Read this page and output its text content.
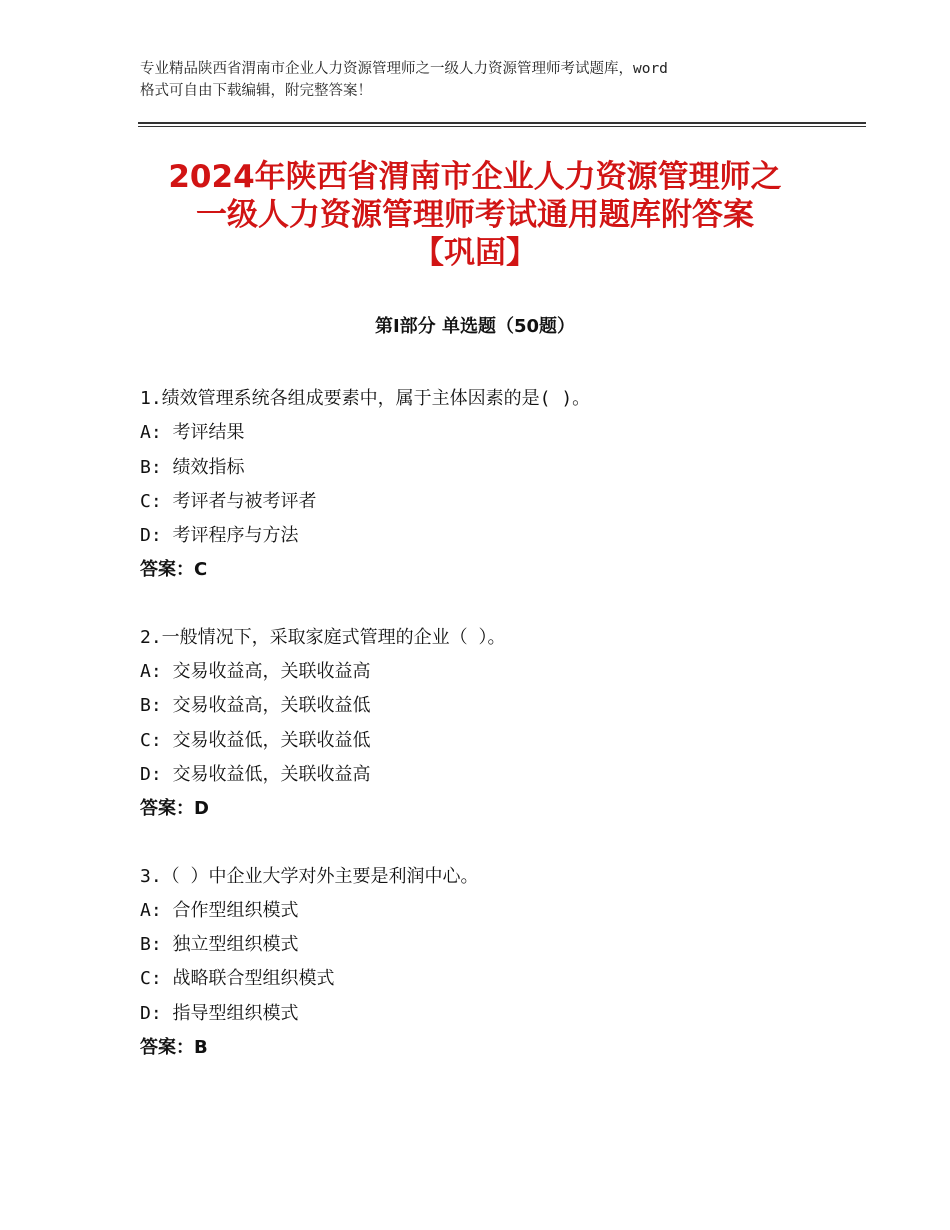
专业精品陕西省渭南市企业人力资源管理师之一级人力资源管理师考试题库，word
格式可自由下载编辑，附完整答案！
2024年陕西省渭南市企业人力资源管理师之
一级人力资源管理师考试通用题库附答案
【巩固】
第Ⅰ部分 单选题（50题）
1.绩效管理系统各组成要素中，属于主体因素的是( )。
A: 考评结果
B: 绩效指标
C: 考评者与被考评者
D: 考评程序与方法
答案：C
2.一般情况下，采取家庭式管理的企业（ ）。
A: 交易收益高，关联收益高
B: 交易收益高，关联收益低
C: 交易收益低，关联收益低
D: 交易收益低，关联收益高
答案：D
3.（ ）中企业大学对外主要是利润中心。
A: 合作型组织模式
B: 独立型组织模式
C: 战略联合型组织模式
D: 指导型组织模式
答案：B
